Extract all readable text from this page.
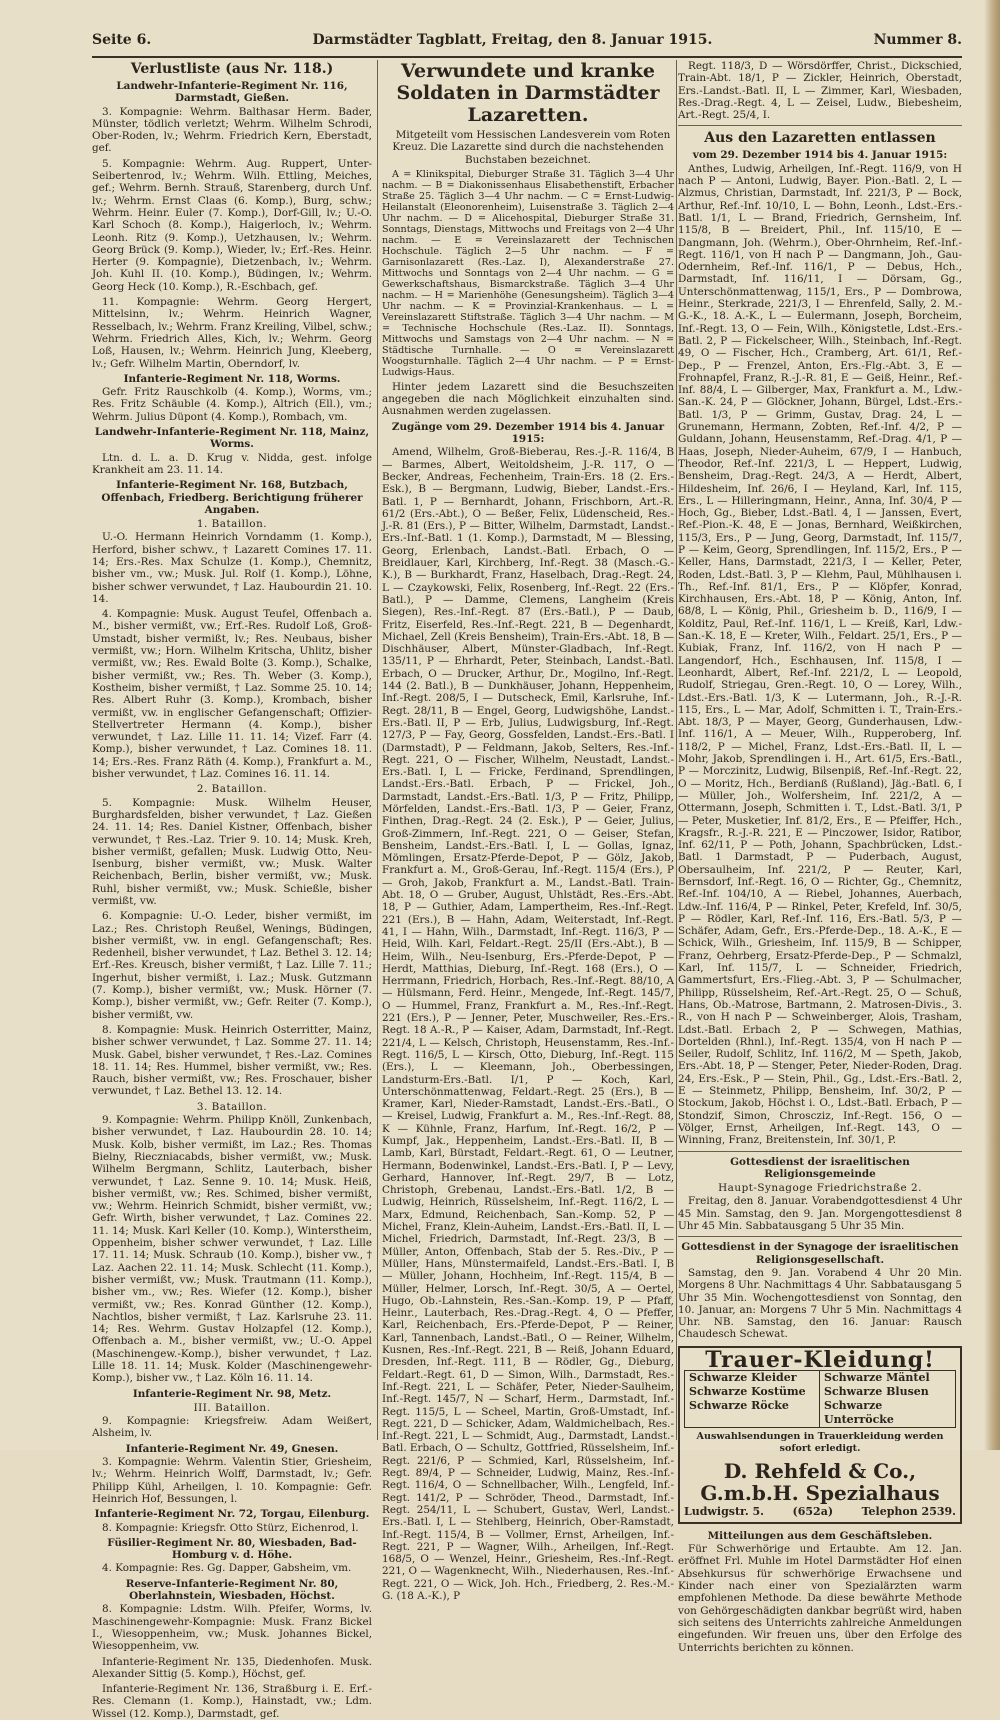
Seite 6.	Darmstädter Tagblatt, Freitag, den 8. Januar 1915.	Nummer 8.
Verlustliste (aus Nr. 118.)
Landwehr-Infanterie-Regiment Nr. 116, Darmstadt, Gießen.

3. Kompagnie: Wehrm. Balthasar Herm. Bader, Münster, tödlich verletzt; Wehrm. Wilhelm Schrodi, Ober-Roden, lv.; Wehrm. Friedrich Kern, Eberstadt, gef.

5. Kompagnie: Wehrm. Aug. Ruppert, Unter-Seibertenrod, lv.; Wehrm. Wilh. Ettling, Meiches, gef.; Wehrm. Bernh. Strauß, Starenberg, durch Unf. lv.; Wehrm. Ernst Claas (6. Komp.), Burg, schw.; Wehrm. Heinr. Euler (7. Komp.), Dorf-Gill, lv.; U.-O. Karl Schoch (8. Komp.), Haigerloch, lv.; Wehrm. Leonh. Ritz (9. Komp.), Uetzhausen, lv.; Wehrm. Georg Brück (9. Komp.), Wieder, lv.; Erf.-Res. Heinr. Herter (9. Kompagnie), Dietzenbach, lv.; Wehrm. Joh. Kuhl II. (10. Komp.), Büdingen, lv.; Wehrm. Georg Heck (10. Komp.), R.-Eschbach, gef.

11. Kompagnie: Wehrm. Georg Hergert, Mittelsinn, lv.; Wehrm. Heinrich Wagner, Resselbach, lv.; Wehrm. Franz Kreiling, Vilbel, schw.; Wehrm. Friedrich Alles, Kich, lv.; Wehrm. Georg Loß, Hausen, lv.; Wehrm. Heinrich Jung, Kleeberg, lv.; Gefr. Wilhelm Martin, Oberndorf, lv.

Infanterie-Regiment Nr. 118, Worms.

Gefr. Fritz Rauschkolb (4. Komp.), Worms, vm.; Res. Fritz Schäuble (4. Komp.), Altrich (Ell.), vm.; Wehrm. Julius Düpont (4. Komp.), Rombach, vm.

Landwehr-Infanterie-Regiment Nr. 118, Mainz, Worms.

Ltn. d. L. a. D. Krug v. Nidda, gest. infolge Krankheit am 23. 11. 14.

Infanterie-Regiment Nr. 168, Butzbach, Offenbach, Friedberg. Berichtigung früherer Angaben.
1. Bataillon.

U.-O. Hermann Heinrich Vorndamm (1. Komp.), Herford, bisher schwv., † Lazarett Comines 17. 11. 14; Ers.-Res. Max Schulze (1. Komp.), Chemnitz, bisher vm., vw.; Musk. Jul. Rolf (1. Komp.), Löhne, bisher schwer verwundet, † Laz. Haubourdin 21. 10. 14.

4. Kompagnie: Musk. August Teufel, Offenbach a. M., bisher vermißt, vw.; Erf.-Res. Rudolf Loß, Groß-Umstadt, bisher vermißt, lv.; Res. Neubaus, bisher vermißt, vw.; Horn. Wilhelm Kritscha, Uhlitz, bisher vermißt, vw.; Res. Ewald Bolte (3. Komp.), Schalke, bisher vermißt, vw.; Res. Th. Weber (3. Komp.), Kostheim, bisher vermißt, † Laz. Somme 25. 10. 14; Res. Albert Ruhr (3. Komp.), Krombach, bisher vermißt, vw. in englischer Gefangenschaft; Offizier-Stellvertreter Hermann (4. Komp.), bisher verwundet, † Laz. Lille 11. 11. 14; Vizef. Farr (4. Komp.), bisher verwundet, † Laz. Comines 18. 11. 14; Ers.-Res. Franz Räth (4. Komp.), Frankfurt a. M., bisher verwundet, † Laz. Comines 16. 11. 14.

2. Bataillon.

5. Kompagnie: Musk. Wilhelm Heuser, Burghardsfelden, bisher verwundet, † Laz. Gießen 24. 11. 14; Res. Daniel Kistner, Offenbach, bisher verwundet, † Res.-Laz. Trier 9. 10. 14; Musk. Kreh, bisher vermißt, gefallen; Musk. Ludwig Otto, Neu-Isenburg, bisher vermißt, vw.; Musk. Walter Reichenbach, Berlin, bisher vermißt, vw.; Musk. Ruhl, bisher vermißt, vw.; Musk. Schießle, bisher vermißt, vw.

6. Kompagnie: U.-O. Leder, bisher vermißt, im Laz.; Res. Christoph Reußel, Wenings, Büdingen, bisher vermißt, vw. in engl. Gefangenschaft; Res. Redenheil, bisher verwundet, † Laz. Bethel 3. 12. 14; Erf.-Res. Kreusch, bisher vermißt, † Laz. Lille 7. 11.; Ingerhut, bisher vermißt, i. Laz.; Musk. Gutzmann (7. Komp.), bisher vermißt, vw.; Musk. Hörner (7. Komp.), bisher vermißt, vw.; Gefr. Reiter (7. Komp.), bisher vermißt, vw.

8. Kompagnie: Musk. Heinrich Osterritter, Mainz, bisher schwer verwundet, † Laz. Somme 27. 11. 14; Musk. Gabel, bisher verwundet, † Res.-Laz. Comines 18. 11. 14; Res. Hummel, bisher vermißt, vw.; Res. Rauch, bisher vermißt, vw.; Res. Froschauer, bisher verwundet, † Laz. Bethel 13. 12. 14.

3. Bataillon.

9. Kompagnie: Wehrm. Philipp Knöll, Zunkenbach, bisher verwundet, † Laz. Haubourdin 28. 10. 14; Musk. Kolb, bisher vermißt, im Laz.; Res. Thomas Bielny, Rieczniacabds, bisher vermißt, vw.; Musk. Wilhelm Bergmann, Schlitz, Lauterbach, bisher verwundet, † Laz. Senne 9. 10. 14; Musk. Heiß, bisher vermißt, vw.; Res. Schimed, bisher vermißt, vw.; Wehrm. Heinrich Schmidt, bisher vermißt, vw.; Gefr. Wirth, bisher verwundet, † Laz. Comines 22. 11. 14; Musk. Karl Keller (10. Komp.), Winterstheim, Oppenheim, bisher schwer verwundet, † Laz. Lille 17. 11. 14; Musk. Schraub (10. Komp.), bisher vw., † Laz. Aachen 22. 11. 14; Musk. Schlecht (11. Komp.), bisher vermißt, vw.; Musk. Trautmann (11. Komp.), bisher vm., vw.; Res. Wiefer (12. Komp.), bisher vermißt, vw.; Res. Konrad Günther (12. Komp.), Nachtlos, bisher vermißt, † Laz. Karlsruhe 23. 11. 14; Res. Wehrm. Gustav Holzapfel (12. Komp.), Offenbach a. M., bisher vermißt, vw.; U.-O. Appel (Maschinengew.-Komp.), bisher verwundet, † Laz. Lille 18. 11. 14; Musk. Kolder (Maschinengewehr-Komp.), bisher vw., † Laz. Köln 16. 11. 14.

Infanterie-Regiment Nr. 98, Metz.
III. Bataillon.

9. Kompagnie: Kriegsfreiw. Adam Weißert, Alsheim, lv.

Infanterie-Regiment Nr. 49, Gnesen.

3. Kompagnie: Wehrm. Valentin Stier, Griesheim, lv.; Wehrm. Heinrich Wolff, Darmstadt, lv.; Gefr. Philipp Kühl, Arheilgen, l. 10. Kompagnie: Gefr. Heinrich Hof, Bessungen, l.

Infanterie-Regiment Nr. 72, Torgau, Eilenburg.

8. Kompagnie: Kriegsfr. Otto Stürz, Eichenrod, l.

Füsilier-Regiment Nr. 80, Wiesbaden, Bad-Homburg v. d. Höhe.

4. Kompagnie: Res. Gg. Dapper, Gabsheim, vm.

Reserve-Infanterie-Regiment Nr. 80, Oberlahnstein, Wiesbaden, Höchst.

8. Kompagnie: Ldstm. Wilh. Pfeifer, Worms, lv. Maschinengewehr-Kompagnie: Musk. Franz Bickel I., Wiesoppenheim, vw.; Musk. Johannes Bickel, Wiesoppenheim, vw.

Infanterie-Regiment Nr. 135, Diedenhofen. Musk. Alexander Sittig (5. Komp.), Höchst, gef.

Infanterie-Regiment Nr. 136, Straßburg i. E. Erf.-Res. Clemann (1. Komp.), Hainstadt, vw.; Ldm. Wissel (12. Komp.), Darmstadt, gef.

Verwundete und kranke Soldaten in Darmstädter Lazaretten.

Mitgeteilt vom Hessischen Landesverein vom Roten Kreuz. Die Lazarette sind durch die nachstehenden Buchstaben bezeichnet.

A = Klinikspital, Dieburger Straße 31. Täglich 3—4 Uhr nachm. — B = Diakonissenhaus Elisabethenstift, Erbacher Straße 25. Täglich 3—4 Uhr nachm. — C = Ernst-Ludwig-Heilanstalt (Eleonorenheim), Luisenstraße 3. Täglich 2—4 Uhr nachm. — D = Alicehospital, Dieburger Straße 31. Sonntags, Dienstags, Mittwochs und Freitags von 2—4 Uhr nachm. — E = Vereinslazarett der Technischen Hochschule. Täglich 2—5 Uhr nachm. — F = Garnisonlazarett (Res.-Laz. I), Alexanderstraße 27. Mittwochs und Sonntags von 2—4 Uhr nachm. — G = Gewerkschaftshaus, Bismarckstraße. Täglich 3—4 Uhr nachm. — H = Marienhöhe (Genesungsheim). Täglich 3—4 Uhr nachm. — K = Provinzial-Krankenhaus. — L = Vereinslazarett Stiftstraße. Täglich 3—4 Uhr nachm. — M = Technische Hochschule (Res.-Laz. II). Sonntags, Mittwochs und Samstags von 2—4 Uhr nachm. — N = Städtische Turnhalle. — O = Vereinslazarett Woogsturnhalle. Täglich 2—4 Uhr nachm. — P = Ernst-Ludwigs-Haus.

Hinter jedem Lazarett sind die Besuchszeiten angegeben die nach Möglichkeit einzuhalten sind. Ausnahmen werden zugelassen.

Zugänge vom 29. Dezember 1914 bis 4. Januar 1915:

Amend, Wilhelm, Groß-Bieberau, Res.-J.-R. 116/4, B — Barmes, Albert, Weitoldsheim, J.-R. 117, O — Becker, Andreas, Fechenheim, Train-Ers. 18 (2. Ers.-Esk.), B — Bergmann, Ludwig, Bieber, Landst.-Ers.-Batl. 1, P — Bernhardt, Johann, Frischborn, Art.-R. 61/2 (Ers.-Abt.), O — Beßer, Felix, Lüdenscheid, Res.-J.-R. 81 (Ers.), P — Bitter, Wilhelm, Darmstadt, Landst.-Ers.-Inf.-Batl. 1 (1. Komp.), Darmstadt, M — Blessing, Georg, Erlenbach, Landst.-Batl. Erbach, O — Breidlauer, Karl, Kirchberg, Inf.-Regt. 38 (Masch.-G.-K.), B — Burkhardt, Franz, Haselbach, Drag.-Regt. 24, L — Czaykowski, Felix, Rosenberg, Inf.-Regt. 22 (Ers.-Batl.), P — Damme, Clemens, Langheim (Kreis Siegen), Res.-Inf.-Regt. 87 (Ers.-Batl.), P — Daub, Fritz, Eiserfeld, Res.-Inf.-Regt. 221, B — Degenhardt, Michael, Zell (Kreis Bensheim), Train-Ers.-Abt. 18, B — Dischhäuser, Albert, Münster-Gladbach, Inf.-Regt. 135/11, P — Ehrhardt, Peter, Steinbach, Landst.-Batl. Erbach, O — Drucker, Arthur, Dr., Mogilno, Inf.-Regt. 144 (2. Batl.), B — Dunkhäuser, Johann, Heppenheim, Inf.-Regt. 208/5, I — Dutscheck, Emil, Karlsruhe, Inf.-Regt. 28/11, B — Engel, Georg, Ludwigshöhe, Landst.-Ers.-Batl. II, P — Erb, Julius, Ludwigsburg, Inf.-Regt. 127/3, P — Fay, Georg, Gossfelden, Landst.-Ers.-Batl. I (Darmstadt), P — Feldmann, Jakob, Selters, Res.-Inf.-Regt. 221, O — Fischer, Wilhelm, Neustadt, Landst.-Ers.-Batl. I, L — Fricke, Ferdinand, Sprendlingen, Landst.-Ers.-Batl. Erbach, P — Frickel, Joh., Darmstadt, Landst.-Ers.-Batl. 1/3, P — Fritz, Philipp, Mörfelden, Landst.-Ers.-Batl. 1/3, P — Geier, Franz, Finthen, Drag.-Regt. 24 (2. Esk.), P — Geier, Julius, Groß-Zimmern, Inf.-Regt. 221, O — Geiser, Stefan, Bensheim, Landst.-Ers.-Batl. I, L — Gollas, Ignaz, Mömlingen, Ersatz-Pferde-Depot, P — Gölz, Jakob, Frankfurt a. M., Groß-Gerau, Inf.-Regt. 115/4 (Ers.), P — Groh, Jakob, Frankfurt a. M., Landst.-Batl. Train-Abt. 18, O — Gruber, August, Uhlstädt, Res.-Ers.-Abt. 18, P — Guthier, Adam, Lampertheim, Res.-Inf.-Regt. 221 (Ers.), B — Hahn, Adam, Weiterstadt, Inf.-Regt. 41, I — Hahn, Wilh., Darmstadt, Inf.-Regt. 116/3, P — Heid, Wilh. Karl, Feldart.-Regt. 25/II (Ers.-Abt.), B — Heim, Wilh., Neu-Isenburg, Ers.-Pferde-Depot, P — Herdt, Matthias, Dieburg, Inf.-Regt. 168 (Ers.), O — Herrmann, Friedrich, Horbach, Res.-Inf.-Regt. 88/10, A — Hülsmann, Ferd. Heinr., Mengede, Inf.-Regt. 145/7, O — Hummel, Franz, Frankfurt a. M., Res.-Inf.-Regt. 221 (Ers.), P — Jenner, Peter, Muschweiler, Res.-Ers.-Regt. 18 A.-R., P — Kaiser, Adam, Darmstadt, Inf.-Regt. 221/4, L — Kelsch, Christoph, Heusenstamm, Res.-Inf.-Regt. 116/5, L — Kirsch, Otto, Dieburg, Inf.-Regt. 115 (Ers.), L — Kleemann, Joh., Oberbessingen, Landsturm-Ers.-Batl. I/1, P — Koch, Karl, Unterschönmattenwag, Feldart.-Regt. 25 (Ers.), B — Kramer, Karl, Nieder-Ramstadt, Landst.-Ers.-Batl., O — Kreisel, Ludwig, Frankfurt a. M., Res.-Inf.-Regt. 88, K — Kühnle, Franz, Harfum, Inf.-Regt. 16/2, P — Kumpf, Jak., Heppenheim, Landst.-Ers.-Batl. II, B — Lamb, Karl, Bürstadt, Feldart.-Regt. 61, O — Leutner, Hermann, Bodenwinkel, Landst.-Ers.-Batl. I, P — Levy, Gerhard, Hannover, Inf.-Regt. 29/7, B — Lotz, Christoph, Grebenau, Landst.-Ers.-Batl. 1/2, B — Ludwig, Heinrich, Rüsselsheim, Inf.-Regt. 116/2, L — Marx, Edmund, Reichenbach, San.-Komp. 52, P — Michel, Franz, Klein-Auheim, Landst.-Ers.-Batl. II, L — Michel, Friedrich, Darmstadt, Inf.-Regt. 23/3, B — Müller, Anton, Offenbach, Stab der 5. Res.-Div., P — Müller, Hans, Münstermaifeld, Landst.-Ers.-Batl. I, B — Müller, Johann, Hochheim, Inf.-Regt. 115/4, B — Müller, Helmer, Lorsch, Inf.-Regt. 30/5, A — Oertel, Hugo, Ob.-Lahnstein, Res.-San.-Komp. 19, P — Pfaff, Heinr., Lauterbach, Res.-Drag.-Regt. 4, O — Pfeffer, Karl, Reichenbach, Ers.-Pferde-Depot, P — Reiner, Karl, Tannenbach, Landst.-Batl., O — Reiner, Wilhelm, Kusnen, Res.-Inf.-Regt. 221, B — Reiß, Johann Eduard, Dresden, Inf.-Regt. 111, B — Rödler, Gg., Dieburg, Feldart.-Regt. 61, D — Simon, Wilh., Darmstadt, Res.-Inf.-Regt. 221, L — Schäfer, Peter, Nieder-Saulheim, Inf.-Regt. 145/7, N — Scharf, Herm., Darmstadt, Inf.-Regt. 115/5, L — Scheel, Martin, Groß-Umstadt, Inf.-Regt. 221, D — Schicker, Adam, Waldmichelbach, Res.-Inf.-Regt. 221, L — Schmidt, Aug., Darmstadt, Landst.-Batl. Erbach, O — Schultz, Gottfried, Rüsselsheim, Inf.-Regt. 221/6, P — Schmied, Karl, Rüsselsheim, Inf.-Regt. 89/4, P — Schneider, Ludwig, Mainz, Res.-Inf.-Regt. 116/4, O — Schnellbacher, Wilh., Lengfeld, Inf.-Regt. 141/2, P — Schröder, Theod., Darmstadt, Inf.-Regt. 254/11, L — Schubert, Gustav, Werl, Landst.-Ers.-Batl. I, L — Stehlberg, Heinrich, Ober-Ramstadt, Inf.-Regt. 115/4, B — Vollmer, Ernst, Arheilgen, Inf.-Regt. 221, P — Wagner, Wilh., Arheilgen, Inf.-Regt. 168/5, O — Wenzel, Heinr., Griesheim, Res.-Inf.-Regt. 221, O — Wagenknecht, Wilh., Niederhausen, Res.-Inf.-Regt. 221, O — Wick, Joh. Hch., Friedberg, 2. Res.-M.-G. (18 A.-K.), P

Regt. 118/3, D — Wörsdörffer, Christ., Dickschied, Train-Abt. 18/1, P — Zickler, Heinrich, Oberstadt, Ers.-Landst.-Batl. II, L — Zimmer, Karl, Wiesbaden, Res.-Drag.-Regt. 4, L — Zeisel, Ludw., Biebesheim, Art.-Regt. 25/4, I.

Aus den Lazaretten entlassen
vom 29. Dezember 1914 bis 4. Januar 1915:

Anthes, Ludwig, Arheilgen, Inf.-Regt. 116/9, von H nach P — Antoni, Ludwig, Bayer. Pion.-Batl. 2, L — Alzmus, Christian, Darmstadt, Inf. 221/3, P — Bock, Arthur, Ref.-Inf. 10/10, L — Bohn, Leonh., Ldst.-Ers.-Batl. 1/1, L — Brand, Friedrich, Gernsheim, Inf. 115/8, B — Breidert, Phil., Inf. 115/10, E — Dangmann, Joh. (Wehrm.), Ober-Ohrnheim, Ref.-Inf.-Regt. 116/1, von H nach P — Dangmann, Joh., Gau-Odernheim, Ref.-Inf. 116/1, P — Debus, Hch., Darmstadt, Inf. 116/11, I — Dörsam, Gg., Unterschönmattenwag, 115/1, Ers., P — Dombrowa, Heinr., Sterkrade, 221/3, I — Ehrenfeld, Sally, 2. M.-G.-K., 18. A.-K., L — Eulermann, Joseph, Borcheim, Inf.-Regt. 13, O — Fein, Wilh., Königstetle, Ldst.-Ers.-Batl. 2, P — Fickelscheer, Wilh., Steinbach, Inf.-Regt. 49, O — Fischer, Hch., Cramberg, Art. 61/1, Ref.-Dep., P — Frenzel, Anton, Ers.-Flg.-Abt. 3, E — Frohnapfel, Franz, R.-J.-R. 81, E — Geiß, Heinr., Ref.-Inf. 88/4, L — Gilberger, Max, Frankfurt a. M., Ldw.-San.-K. 24, P — Glöckner, Johann, Bürgel, Ldst.-Ers.-Batl. 1/3, P — Grimm, Gustav, Drag. 24, L — Grunemann, Hermann, Zobten, Ref.-Inf. 4/2, P — Guldann, Johann, Heusenstamm, Ref.-Drag. 4/1, P — Haas, Joseph, Nieder-Auheim, 67/9, I — Hanbuch, Theodor, Ref.-Inf. 221/3, L — Heppert, Ludwig, Bensheim, Drag.-Regt. 24/3, A — Herdt, Albert, Hildesheim, Inf. 26/6, I — Heyland, Karl, Inf. 115, Ers., L — Hilleringmann, Heinr., Anna, Inf. 30/4, P — Hoch, Gg., Bieber, Ldst.-Batl. 4, I — Janssen, Evert, Ref.-Pion.-K. 48, E — Jonas, Bernhard, Weißkirchen, 115/3, Ers., P — Jung, Georg, Darmstadt, Inf. 115/7, P — Keim, Georg, Sprendlingen, Inf. 115/2, Ers., P — Keller, Hans, Darmstadt, 221/3, I — Keller, Peter, Roden, Ldst.-Batl. 3, P — Klehm, Paul, Mühlhausen i. Th., Ref.-Inf. 81/1, Ers., P — Klöpfer, Konrad, Kirchhausen, Ers.-Abt. 18, P — König, Anton, Inf. 68/8, L — König, Phil., Griesheim b. D., 116/9, I — Kolditz, Paul, Ref.-Inf. 116/1, L — Kreiß, Karl, Ldw.-San.-K. 18, E — Kreter, Wilh., Feldart. 25/1, Ers., P — Kubiak, Franz, Inf. 116/2, von H nach P — Langendorf, Hch., Eschhausen, Inf. 115/8, I — Leonhardt, Albert, Ref.-Inf. 221/2, L — Leopold, Rudolf, Striegau, Gren.-Regt. 10, O — Lorey, Wilh., Ldst.-Ers.-Batl. 1/3, K — Lutermann, Joh., R.-J.-R. 115, Ers., L — Mar, Adolf, Schmitten i. T., Train-Ers.-Abt. 18/3, P — Mayer, Georg, Gunderhausen, Ldw.-Inf. 116/1, A — Meuer, Wilh., Rupperoberg, Inf. 118/2, P — Michel, Franz, Ldst.-Ers.-Batl. II, L — Mohr, Jakob, Sprendlingen i. H., Art. 61/5, Ers.-Batl., P — Morczinitz, Ludwig, Bilsenpiß, Ref.-Inf.-Regt. 22, O — Moritz, Hch., Berdianß (Rußland), Jäg.-Batl. 6, I — Müller, Joh., Wolfersheim, Inf. 221/2, A — Ottermann, Joseph, Schmitten i. T., Ldst.-Batl. 3/1, P — Peter, Musketier, Inf. 81/2, Ers., E — Pfeiffer, Hch., Kragsfr., R.-J.-R. 221, E — Pinczower, Isidor, Ratibor, Inf. 62/11, P — Poth, Johann, Spachbrücken, Ldst.-Batl. 1 Darmstadt, P — Puderbach, August, Obersaulheim, Inf. 221/2, P — Reuter, Karl, Bernsdorf, Inf.-Regt. 16, O — Richter, Gg., Chemnitz, Ref.-Inf. 104/10, A — Riebel, Johannes, Auerbach, Ldw.-Inf. 116/4, P — Rinkel, Peter, Krefeld, Inf. 30/5, P — Rödler, Karl, Ref.-Inf. 116, Ers.-Batl. 5/3, P — Schäfer, Adam, Gefr., Ers.-Pferde-Dep., 18. A.-K., E — Schick, Wilh., Griesheim, Inf. 115/9, B — Schipper, Franz, Oehrberg, Ersatz-Pferde-Dep., P — Schmalzl, Karl, Inf. 115/7, L — Schneider, Friedrich, Gammertsfurt, Ers.-Flieg.-Abt. 3, P — Schulmacher, Philipp, Rüsselsheim, Ref.-Art.-Regt. 25, O — Schuß, Hans, Ob.-Matrose, Bartmann, 2. Matrosen-Divis., 3. R., von H nach P — Schweinberger, Alois, Trasham, Ldst.-Batl. Erbach 2, P — Schwegen, Mathias, Dortelden (Rhnl.), Inf.-Regt. 135/4, von H nach P — Seiler, Rudolf, Schlitz, Inf. 116/2, M — Speth, Jakob, Ers.-Abt. 18, P — Stenger, Peter, Nieder-Roden, Drag. 24, Ers.-Esk., P — Stein, Phil., Gg., Ldst.-Ers.-Batl. 2, E — Steinmetz, Philipp, Bensheim, Inf. 30/2, P — Stockum, Jakob, Höchst i. O., Ldst.-Batl. Erbach, P — Stondzif, Simon, Chroscziz, Inf.-Regt. 156, O — Völger, Ernst, Arheilgen, Inf.-Regt. 143, O — Winning, Franz, Breitenstein, Inf. 30/1, P.

Gottesdienst der israelitischen Religionsgemeinde
Haupt-Synagoge Friedrichstraße 2.

Freitag, den 8. Januar. Vorabendgottesdienst 4 Uhr 45 Min. Samstag, den 9. Jan. Morgengottesdienst 8 Uhr 45 Min. Sabbatausgang 5 Uhr 35 Min.

Gottesdienst in der Synagoge der israelitischen Religionsgesellschaft.

Samstag, den 9. Jan. Vorabend 4 Uhr 20 Min. Morgens 8 Uhr. Nachmittags 4 Uhr. Sabbatausgang 5 Uhr 35 Min. Wochengottesdienst von Sonntag, den 10. Januar, an: Morgens 7 Uhr 5 Min. Nachmittags 4 Uhr. NB. Samstag, den 16. Januar: Rausch Chaudesch Schewat.

Trauer-Kleidung!
Schwarze Kleider	Schwarze Mäntel
Schwarze Kostüme	Schwarze Blusen
Schwarze Röcke	Schwarze Unterröcke
Auswahlsendungen in Trauerkleidung werden sofort erledigt.
D. Rehfeld & Co., G.m.b.H. Spezialhaus
Ludwigstr. 5.	(652a)	Telephon 2539.
Mitteilungen aus dem Geschäftsleben.

Für Schwerhörige und Ertaubte. Am 12. Jan. eröffnet Frl. Muhle im Hotel Darmstädter Hof einen Absehkursus für schwerhörige Erwachsene und Kinder nach einer von Spezialärzten warm empfohlenen Methode. Da diese bewährte Methode von Gehörgeschädigten dankbar begrüßt wird, haben sich seitens des Unterrichts zahlreiche Anmeldungen eingefunden. Wir freuen uns, über den Erfolge des Unterrichts berichten zu können.
